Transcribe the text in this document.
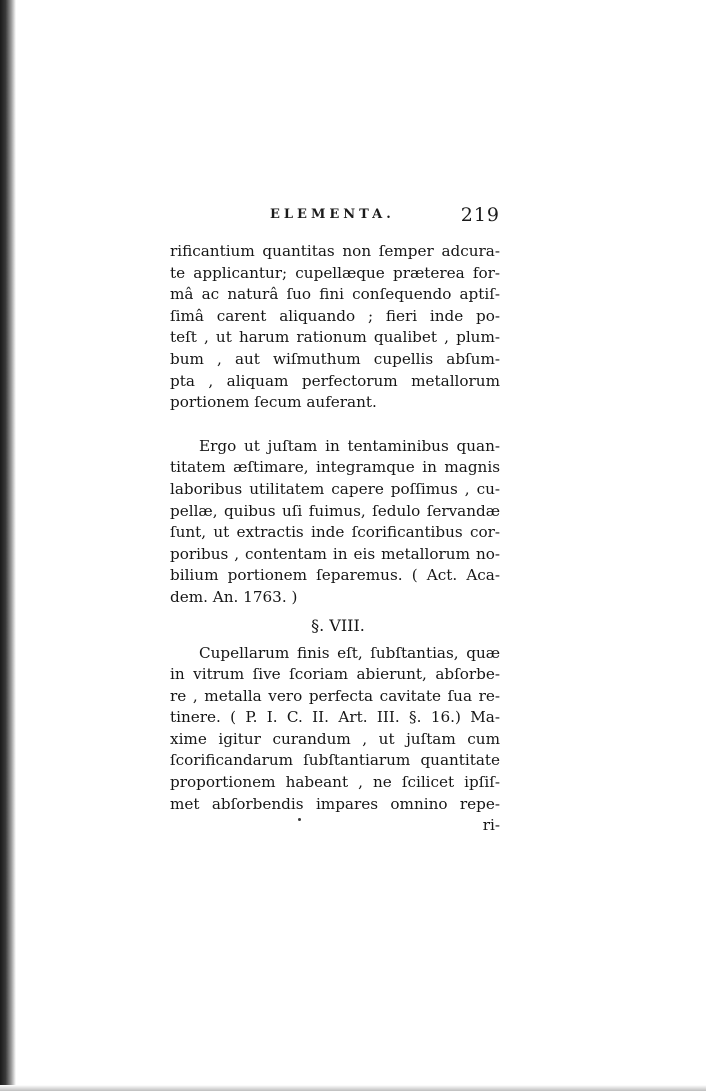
ELEMENTA.	219
rificantium quantitas non ſemper adcura-
te applicantur; cupellæque præterea for-
mâ ac naturâ ſuo fini conſequendo aptiſ-
ſimâ carent aliquando ; fieri inde po-
teſt , ut harum rationum qualibet , plum-
bum , aut wiſmuthum cupellis abſum-
pta , aliquam perfectorum metallorum
portionem ſecum auferant.
Ergo ut juſtam in tentaminibus quan-
titatem æſtimare, integramque in magnis
laboribus utilitatem capere poſſimus , cu-
pellæ, quibus uſi fuimus, ſedulo ſervandæ
ſunt, ut extractis inde ſcorificantibus cor-
poribus , contentam in eis metallorum no-
bilium portionem ſeparemus. ( Act. Aca-
dem. An. 1763. )
§. VIII.
Cupellarum finis eſt, ſubſtantias, quæ
in vitrum ſive ſcoriam abierunt, abſorbe-
re , metalla vero perfecta cavitate ſua re-
tinere. ( P. I. C. II. Art. III. §. 16.) Ma-
xime igitur curandum , ut juſtam cum
ſcorificandarum ſubſtantiarum quantitate
proportionem habeant , ne ſcilicet ipſiſ-
met abſorbendis impares omnino repe-
ri-
